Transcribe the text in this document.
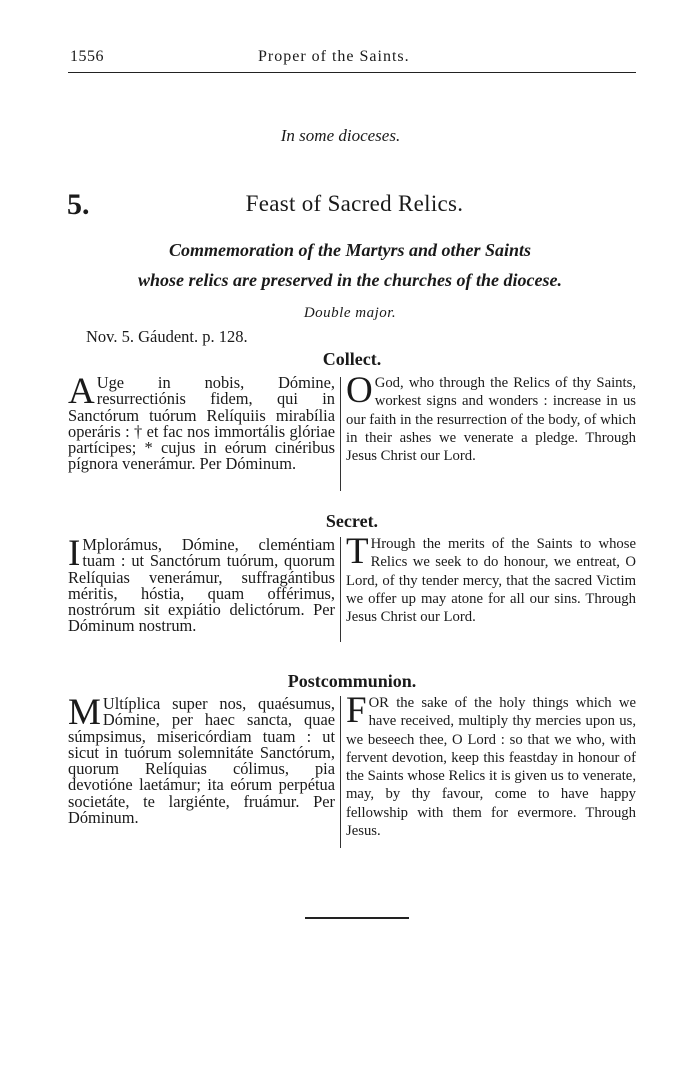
1556	Proper of the Saints.
In some dioceses.
5.	Feast of Sacred Relics.
Commemoration of the Martyrs and other Saints
whose relics are preserved in the churches of the diocese.
Double major.
Nov. 5. Gáudent. p. 128.
Collect.

A Uge in nobis, Dómine, resurrectiónis fidem, qui in Sanctórum tuórum Relíquiis mirabília operáris : † et fac nos immortális glóriae partícipes; * cujus in eórum cinéribus pígnora venerámur. Per Dóminum.

O God, who through the Relics of thy Saints, workest signs and wonders : increase in us our faith in the resurrection of the body, of which in their ashes we venerate a pledge. Through Jesus Christ our Lord.

Secret.

I Mplorámus, Dómine, cleméntiam tuam : ut Sanctórum tuórum, quorum Relíquias venerámur, suffragántibus méritis, hóstia, quam offérimus, nostrórum sit expiátio delictórum. Per Dóminum nostrum.

T Hrough the merits of the Saints to whose Relics we seek to do honour, we entreat, O Lord, of thy tender mercy, that the sacred Victim we offer up may atone for all our sins. Through Jesus Christ our Lord.

Postcommunion.

M Ultíplica super nos, quaésumus, Dómine, per haec sancta, quae súmpsimus, misericórdiam tuam : ut sicut in tuórum solemnitáte Sanctórum, quorum Relíquias cólimus, pia devotióne laetámur; ita eórum perpétua societáte, te largiénte, fruámur. Per Dóminum.

FOR the sake of the holy things which we have received, multiply thy mercies upon us, we beseech thee, O Lord : so that we who, with fervent devotion, keep this feastday in honour of the Saints whose Relics it is given us to venerate, may, by thy favour, come to have happy fellowship with them for evermore. Through Jesus.
